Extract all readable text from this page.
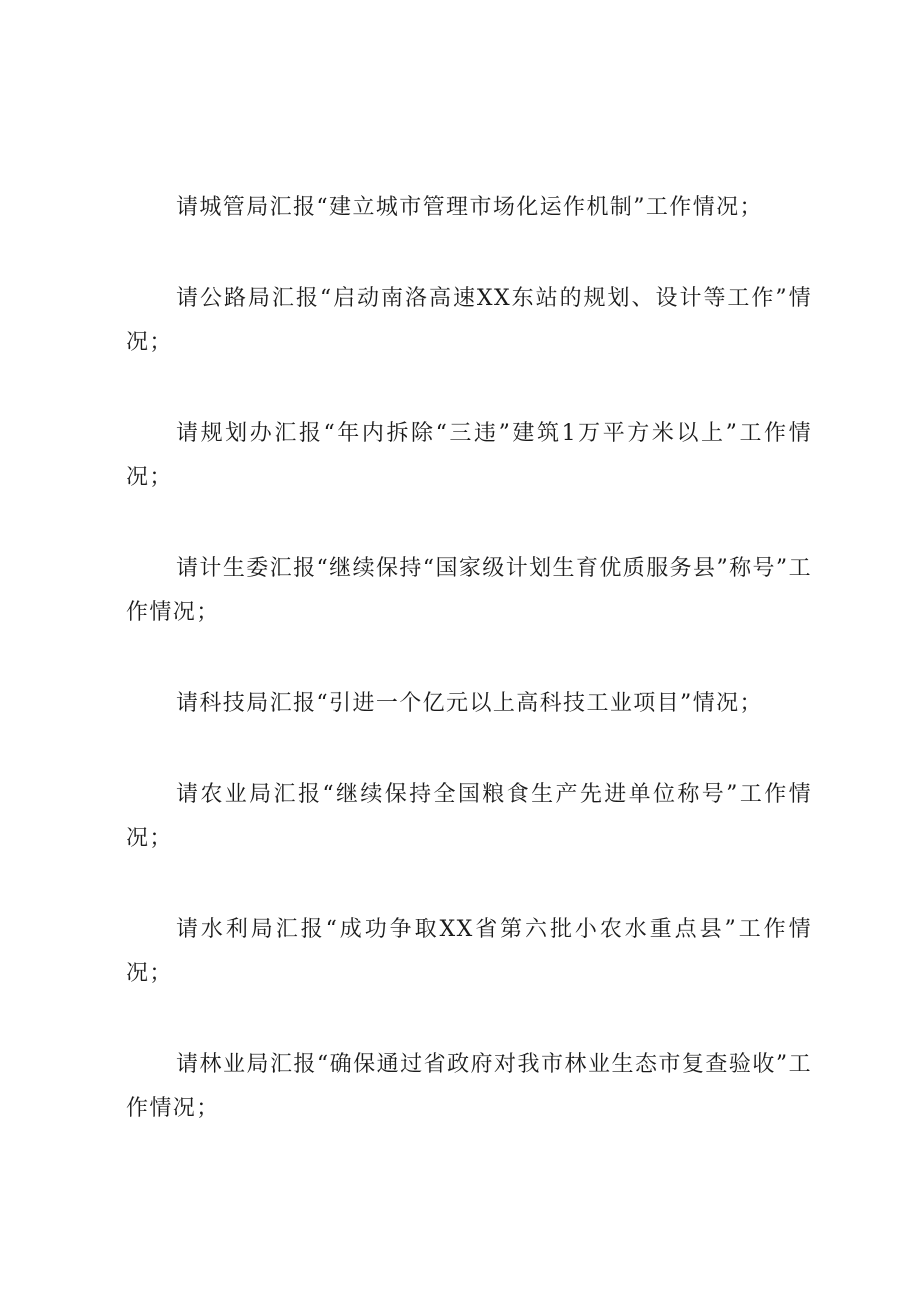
请城管局汇报“建立城市管理市场化运作机制”工作情况；

请公路局汇报“启动南洛高速XX东站的规划、设计等工作”情况；

请规划办汇报“年内拆除“三违”建筑1万平方米以上”工作情况；

请计生委汇报“继续保持“国家级计划生育优质服务县”称号”工作情况；

请科技局汇报“引进一个亿元以上高科技工业项目”情况；

请农业局汇报“继续保持全国粮食生产先进单位称号”工作情况；

请水利局汇报“成功争取XX省第六批小农水重点县”工作情况；

请林业局汇报“确保通过省政府对我市林业生态市复查验收”工作情况；
